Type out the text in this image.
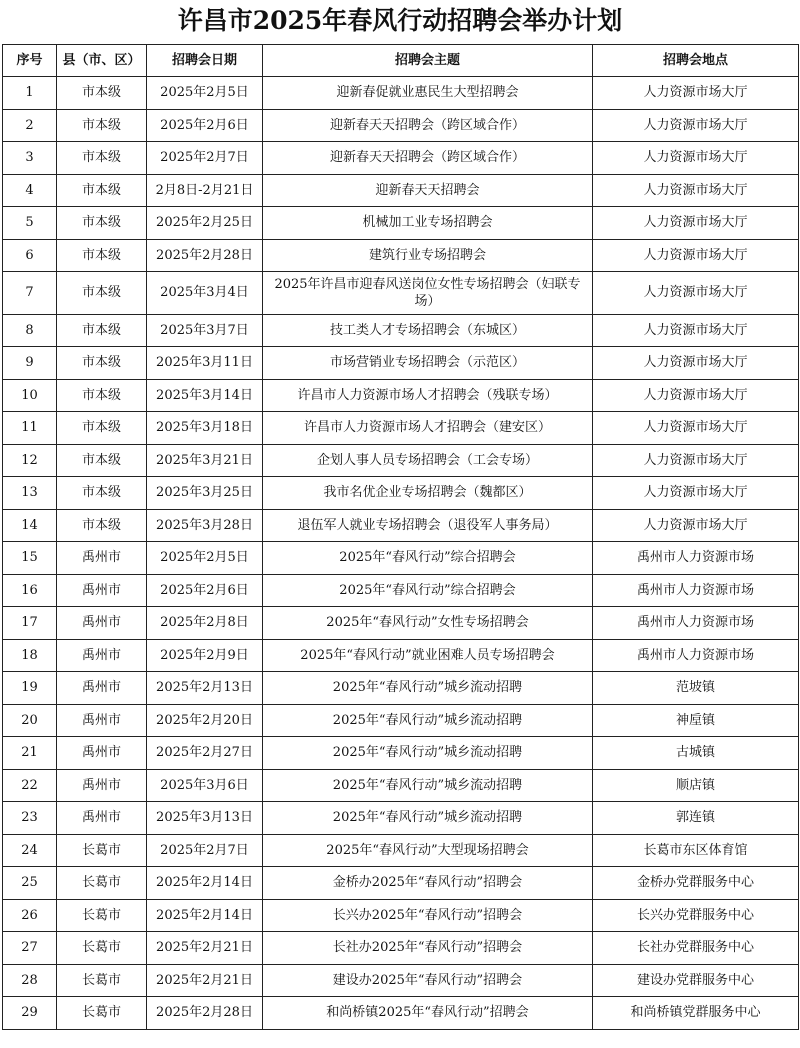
许昌市2025年春风行动招聘会举办计划
序号	县（市、区）	招聘会日期	招聘会主题	招聘会地点
1	市本级	2025年2月5日	迎新春促就业惠民生大型招聘会	人力资源市场大厅
2	市本级	2025年2月6日	迎新春天天招聘会（跨区域合作）	人力资源市场大厅
3	市本级	2025年2月7日	迎新春天天招聘会（跨区域合作）	人力资源市场大厅
4	市本级	2月8日-2月21日	迎新春天天招聘会	人力资源市场大厅
5	市本级	2025年2月25日	机械加工业专场招聘会	人力资源市场大厅
6	市本级	2025年2月28日	建筑行业专场招聘会	人力资源市场大厅
7	市本级	2025年3月4日	2025年许昌市迎春风送岗位女性专场招聘会（妇联专场）	人力资源市场大厅
8	市本级	2025年3月7日	技工类人才专场招聘会（东城区）	人力资源市场大厅
9	市本级	2025年3月11日	市场营销业专场招聘会（示范区）	人力资源市场大厅
10	市本级	2025年3月14日	许昌市人力资源市场人才招聘会（残联专场）	人力资源市场大厅
11	市本级	2025年3月18日	许昌市人力资源市场人才招聘会（建安区）	人力资源市场大厅
12	市本级	2025年3月21日	企划人事人员专场招聘会（工会专场）	人力资源市场大厅
13	市本级	2025年3月25日	我市名优企业专场招聘会（魏都区）	人力资源市场大厅
14	市本级	2025年3月28日	退伍军人就业专场招聘会（退役军人事务局）	人力资源市场大厅
15	禹州市	2025年2月5日	2025年“春风行动”综合招聘会	禹州市人力资源市场
16	禹州市	2025年2月6日	2025年“春风行动”综合招聘会	禹州市人力资源市场
17	禹州市	2025年2月8日	2025年“春风行动”女性专场招聘会	禹州市人力资源市场
18	禹州市	2025年2月9日	2025年“春风行动”就业困难人员专场招聘会	禹州市人力资源市场
19	禹州市	2025年2月13日	2025年“春风行动”城乡流动招聘	范坡镇
20	禹州市	2025年2月20日	2025年“春风行动”城乡流动招聘	神垕镇
21	禹州市	2025年2月27日	2025年“春风行动”城乡流动招聘	古城镇
22	禹州市	2025年3月6日	2025年“春风行动”城乡流动招聘	顺店镇
23	禹州市	2025年3月13日	2025年“春风行动”城乡流动招聘	郭连镇
24	长葛市	2025年2月7日	2025年“春风行动”大型现场招聘会	长葛市东区体育馆
25	长葛市	2025年2月14日	金桥办2025年“春风行动”招聘会	金桥办党群服务中心
26	长葛市	2025年2月14日	长兴办2025年“春风行动”招聘会	长兴办党群服务中心
27	长葛市	2025年2月21日	长社办2025年“春风行动”招聘会	长社办党群服务中心
28	长葛市	2025年2月21日	建设办2025年“春风行动”招聘会	建设办党群服务中心
29	长葛市	2025年2月28日	和尚桥镇2025年“春风行动”招聘会	和尚桥镇党群服务中心
